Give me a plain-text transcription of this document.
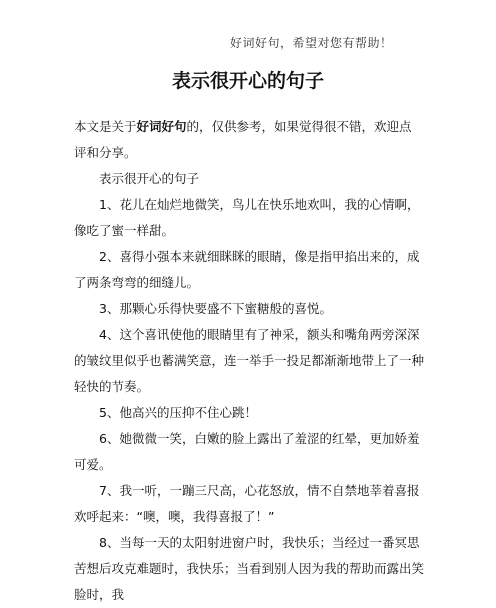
好词好句，希望对您有帮助！
表示很开心的句子

本文是关于好词好句的，仅供参考，如果觉得很不错，欢迎点评和分享。

表示很开心的句子

1、花儿在灿烂地微笑，鸟儿在快乐地欢叫，我的心情啊，像吃了蜜一样甜。

2、喜得小强本来就细眯眯的眼睛，像是指甲掐出来的，成了两条弯弯的细缝儿。

3、那颗心乐得快要盛不下蜜糖般的喜悦。

4、这个喜讯使他的眼睛里有了神采，额头和嘴角两旁深深的皱纹里似乎也蓄满笑意，连一举手一投足都渐渐地带上了一种轻快的节奏。

5、他高兴的压抑不住心跳！

6、她微微一笑，白嫩的脸上露出了羞涩的红晕，更加娇羞可爱。

7、我一听，一蹦三尺高，心花怒放，情不自禁地莘着喜报欢呼起来：“噢，噢，我得喜报了！”

8、当每一天的太阳射进窗户时，我快乐；当经过一番冥思苦想后攻克难题时，我快乐；当看到别人因为我的帮助而露出笑脸时，我
